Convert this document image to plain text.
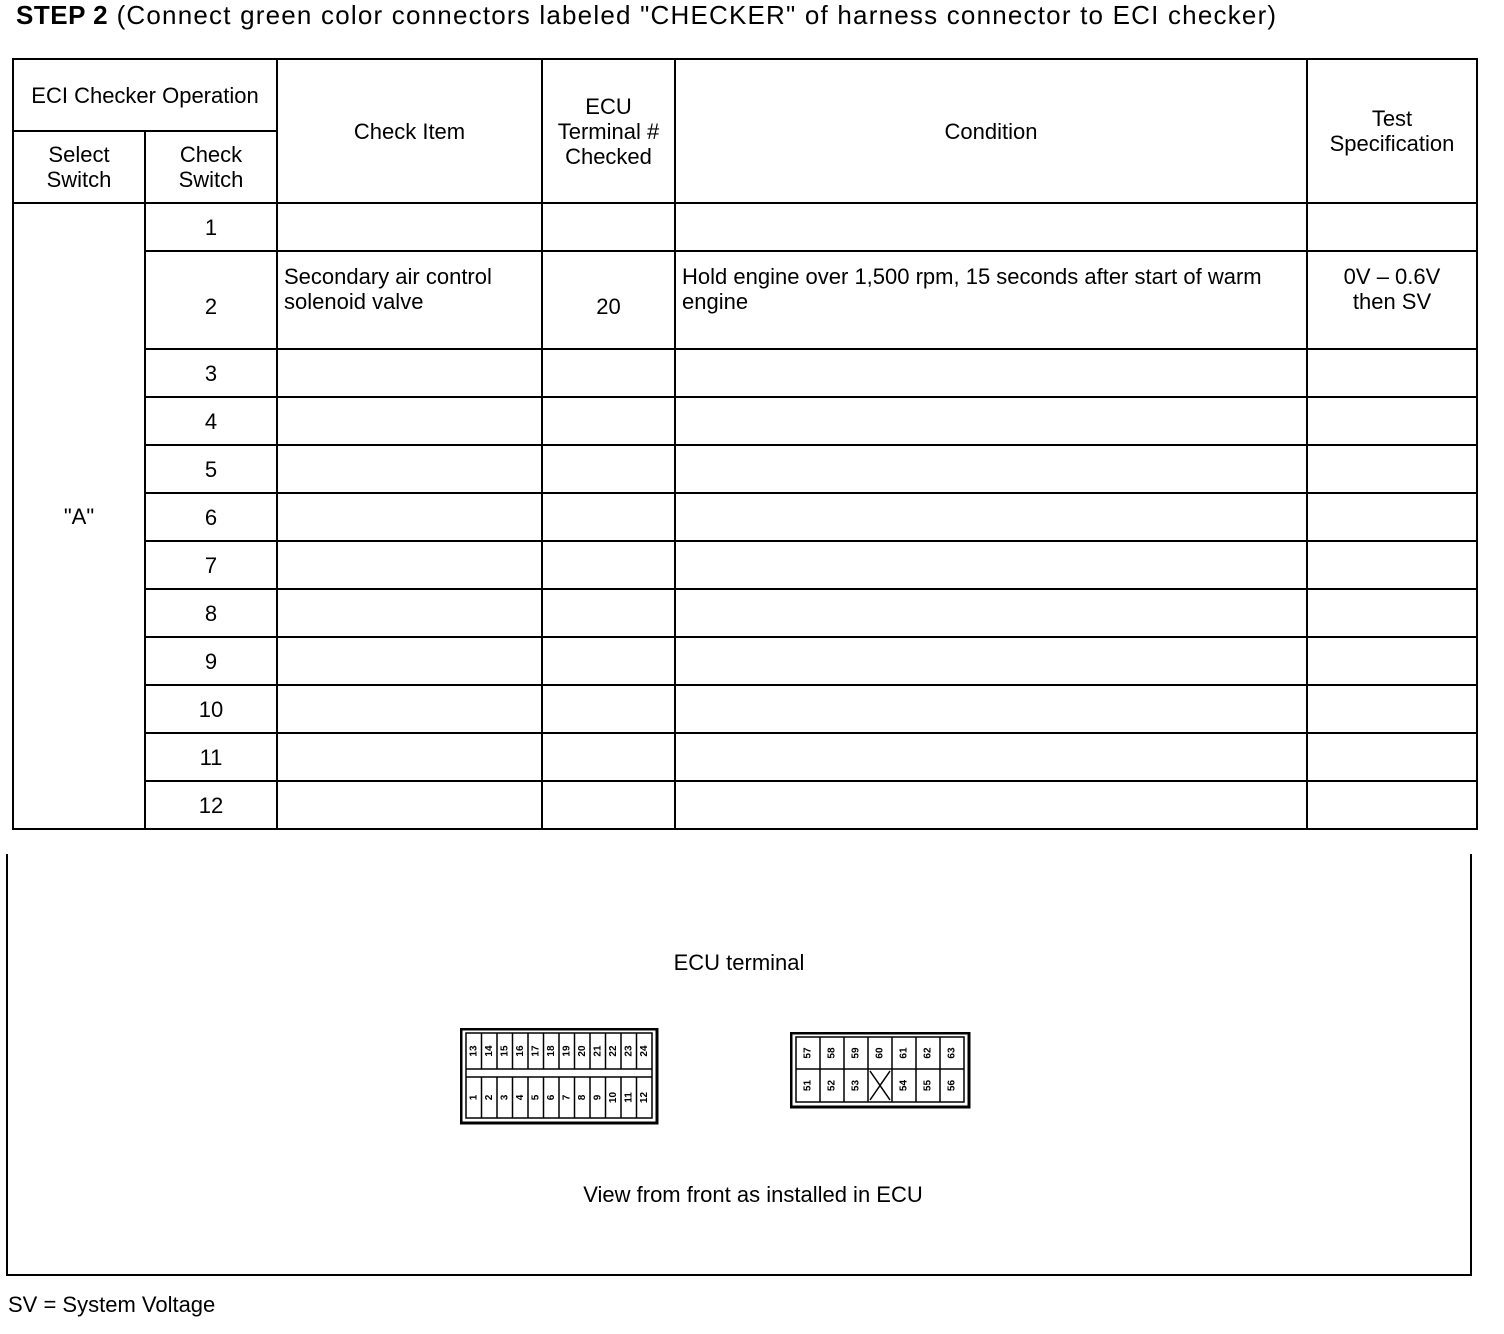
STEP 2 (Connect green color connectors labeled "CHECKER" of harness connector to ECI checker)
ECI Checker Operation		Check Item	ECU Terminal # Checked	Condition	Test Specification
Select Switch	Check Switch				
"A"	1				
	2	Secondary air control solenoid valve	20	Hold engine over 1,500 rpm, 15 seconds after start of warm engine	0V – 0.6V then SV

	3				
	4				
	5				
	6				
	7				
	8				
	9				
	10				
	11				
	12				
ECU terminal
13 14 15 16 17 18 19 20 21 22 23 24
1 2 3 4 5 6 7 8 9 10 11 12
57 58 59 60 61 62 63
51 52 53	54 55 56
View from front as installed in ECU
SV = System Voltage
